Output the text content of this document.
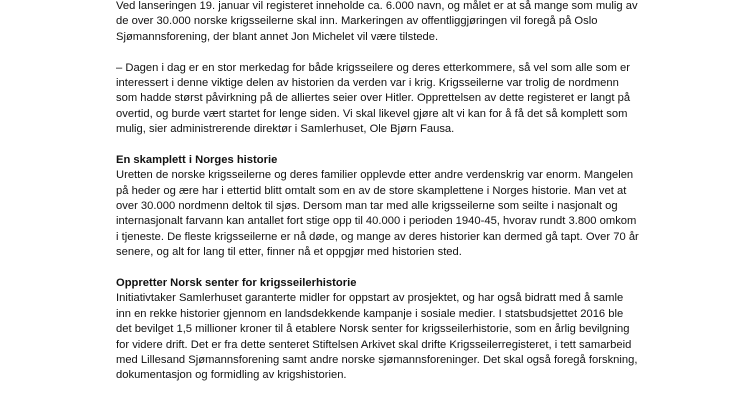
Ved lanseringen 19. januar vil registeret inneholde ca. 6.000 navn, og målet er at så mange som mulig av
de over 30.000 norske krigsseilerne skal inn. Markeringen av offentliggjøringen vil foregå på Oslo
Sjømannsforening, der blant annet Jon Michelet vil være tilstede.
– Dagen i dag er en stor merkedag for både krigsseilere og deres etterkommere, så vel som alle som er
interessert i denne viktige delen av historien da verden var i krig. Krigsseilerne var trolig de nordmenn
som hadde størst påvirkning på de alliertes seier over Hitler. Opprettelsen av dette registeret er langt på
overtid, og burde vært startet for lenge siden. Vi skal likevel gjøre alt vi kan for å få det så komplett som
mulig, sier administrerende direktør i Samlerhuset, Ole Bjørn Fausa.
En skamplett i Norges historie
Uretten de norske krigsseilerne og deres familier opplevde etter andre verdenskrig var enorm. Mangelen
på heder og ære har i ettertid blitt omtalt som en av de store skamplettene i Norges historie. Man vet at
over 30.000 nordmenn deltok til sjøs. Dersom man tar med alle krigsseilerne som seilte i nasjonalt og
internasjonalt farvann kan antallet fort stige opp til 40.000 i perioden 1940-45, hvorav rundt 3.800 omkom
i tjeneste. De fleste krigsseilerne er nå døde, og mange av deres historier kan dermed gå tapt. Over 70 år
senere, og alt for lang til etter, finner nå et oppgjør med historien sted.
Oppretter Norsk senter for krigsseilerhistorie
Initiativtaker Samlerhuset garanterte midler for oppstart av prosjektet, og har også bidratt med å samle
inn en rekke historier gjennom en landsdekkende kampanje i sosiale medier. I statsbudsjettet 2016 ble
det bevilget 1,5 millioner kroner til å etablere Norsk senter for krigsseilerhistorie, som en årlig bevilgning
for videre drift. Det er fra dette senteret Stiftelsen Arkivet skal drifte Krigsseilerregisteret, i tett samarbeid
med Lillesand Sjømannsforening samt andre norske sjømannsforeninger. Det skal også foregå forskning,
dokumentasjon og formidling av krigshistorien.
